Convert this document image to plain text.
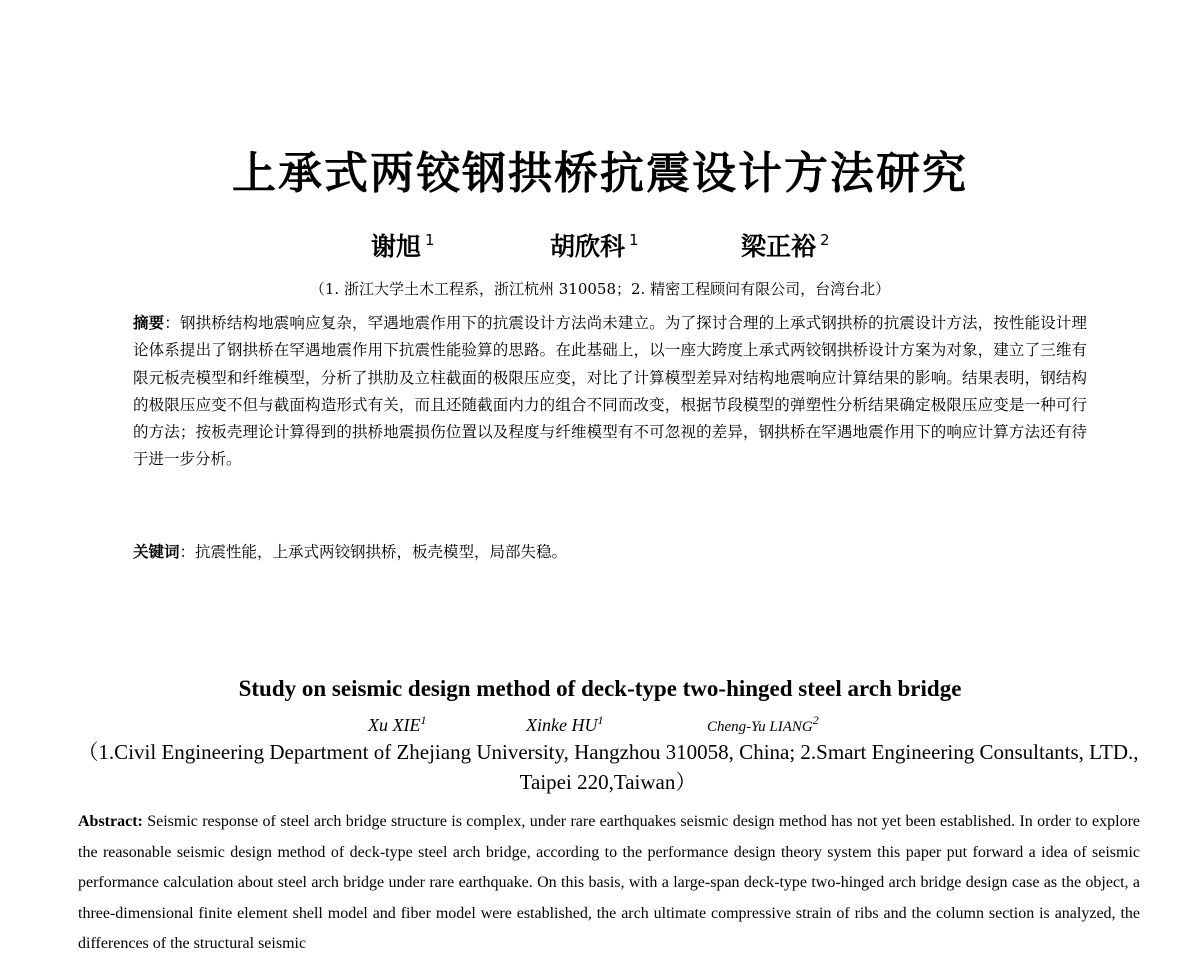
上承式两铰钢拱桥抗震设计方法研究
谢旭 $^1$	胡欣科 $^1$	梁正裕 $^2$
（1. 浙江大学土木工程系，浙江杭州 310058；2. 精密工程顾问有限公司，台湾台北）
摘要：钢拱桥结构地震响应复杂，罕遇地震作用下的抗震设计方法尚未建立。为了探讨合理的上承式钢拱桥的抗震设计方法，按性能设计理论体系提出了钢拱桥在罕遇地震作用下抗震性能验算的思路。在此基础上，以一座大跨度上承式两铰钢拱桥设计方案为对象，建立了三维有限元板壳模型和纤维模型，分析了拱肋及立柱截面的极限压应变，对比了计算模型差异对结构地震响应计算结果的影响。结果表明，钢结构的极限压应变不但与截面构造形式有关，而且还随截面内力的组合不同而改变，根据节段模型的弹塑性分析结果确定极限压应变是一种可行的方法；按板壳理论计算得到的拱桥地震损伤位置以及程度与纤维模型有不可忽视的差异，钢拱桥在罕遇地震作用下的响应计算方法还有待于进一步分析。
关键词：抗震性能，上承式两铰钢拱桥，板壳模型，局部失稳。
Study on seismic design method of deck-type two-hinged steel arch bridge
Xu XIE$^1$	Xinke $HU^1$	Cheng-Yu LIANG$^2$
（1.Civil Engineering Department of Zhejiang University, Hangzhou 310058, China; 2.Smart Engineering Consultants, LTD., Taipei 220,Taiwan）
Abstract: Seismic response of steel arch bridge structure is complex, under rare earthquakes seismic design method has not yet been established. In order to explore the reasonable seismic design method of deck-type steel arch bridge, according to the performance design theory system this paper put forward a idea of seismic performance calculation about steel arch bridge under rare earthquake. On this basis, with a large-span deck-type two-hinged arch bridge design case as the object, a three-dimensional finite element shell model and fiber model were established, the arch ultimate compressive strain of ribs and the column section is analyzed, the differences of the structural seismic
